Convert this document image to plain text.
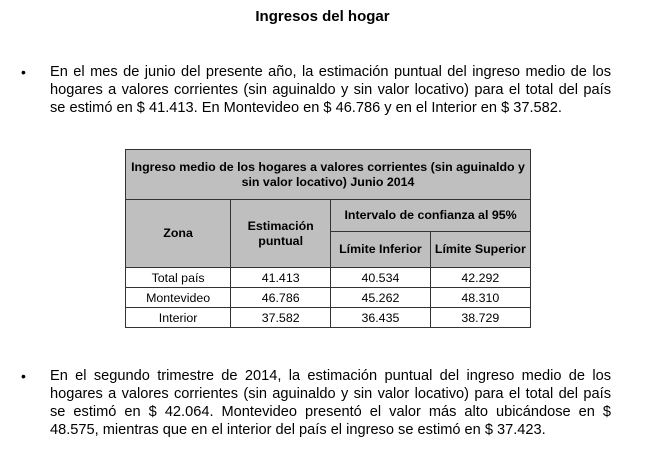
Ingresos del hogar
• En el mes de junio del presente año, la estimación puntual del ingreso medio de los hogares a valores corrientes (sin aguinaldo y sin valor locativo) para el total del país se estimó en $ 41.413. En Montevideo en $ 46.786 y en el Interior en $ 37.582.
Ingreso medio de los hogares a valores corrientes (sin aguinaldo y sin valor locativo) Junio 2014			
Zona	Estimación puntual	Intervalo de confianza al 95%	
		Límite Inferior	Límite Superior
Total país	41.413	40.534	42.292
Montevideo	46.786	45.262	48.310
Interior	37.582	36.435	38.729
• En el segundo trimestre de 2014, la estimación puntual del ingreso medio de los hogares a valores corrientes (sin aguinaldo y sin valor locativo) para el total del país se estimó en $ 42.064. Montevideo presentó el valor más alto ubicándose en $ 48.575, mientras que en el interior del país el ingreso se estimó en $ 37.423.
